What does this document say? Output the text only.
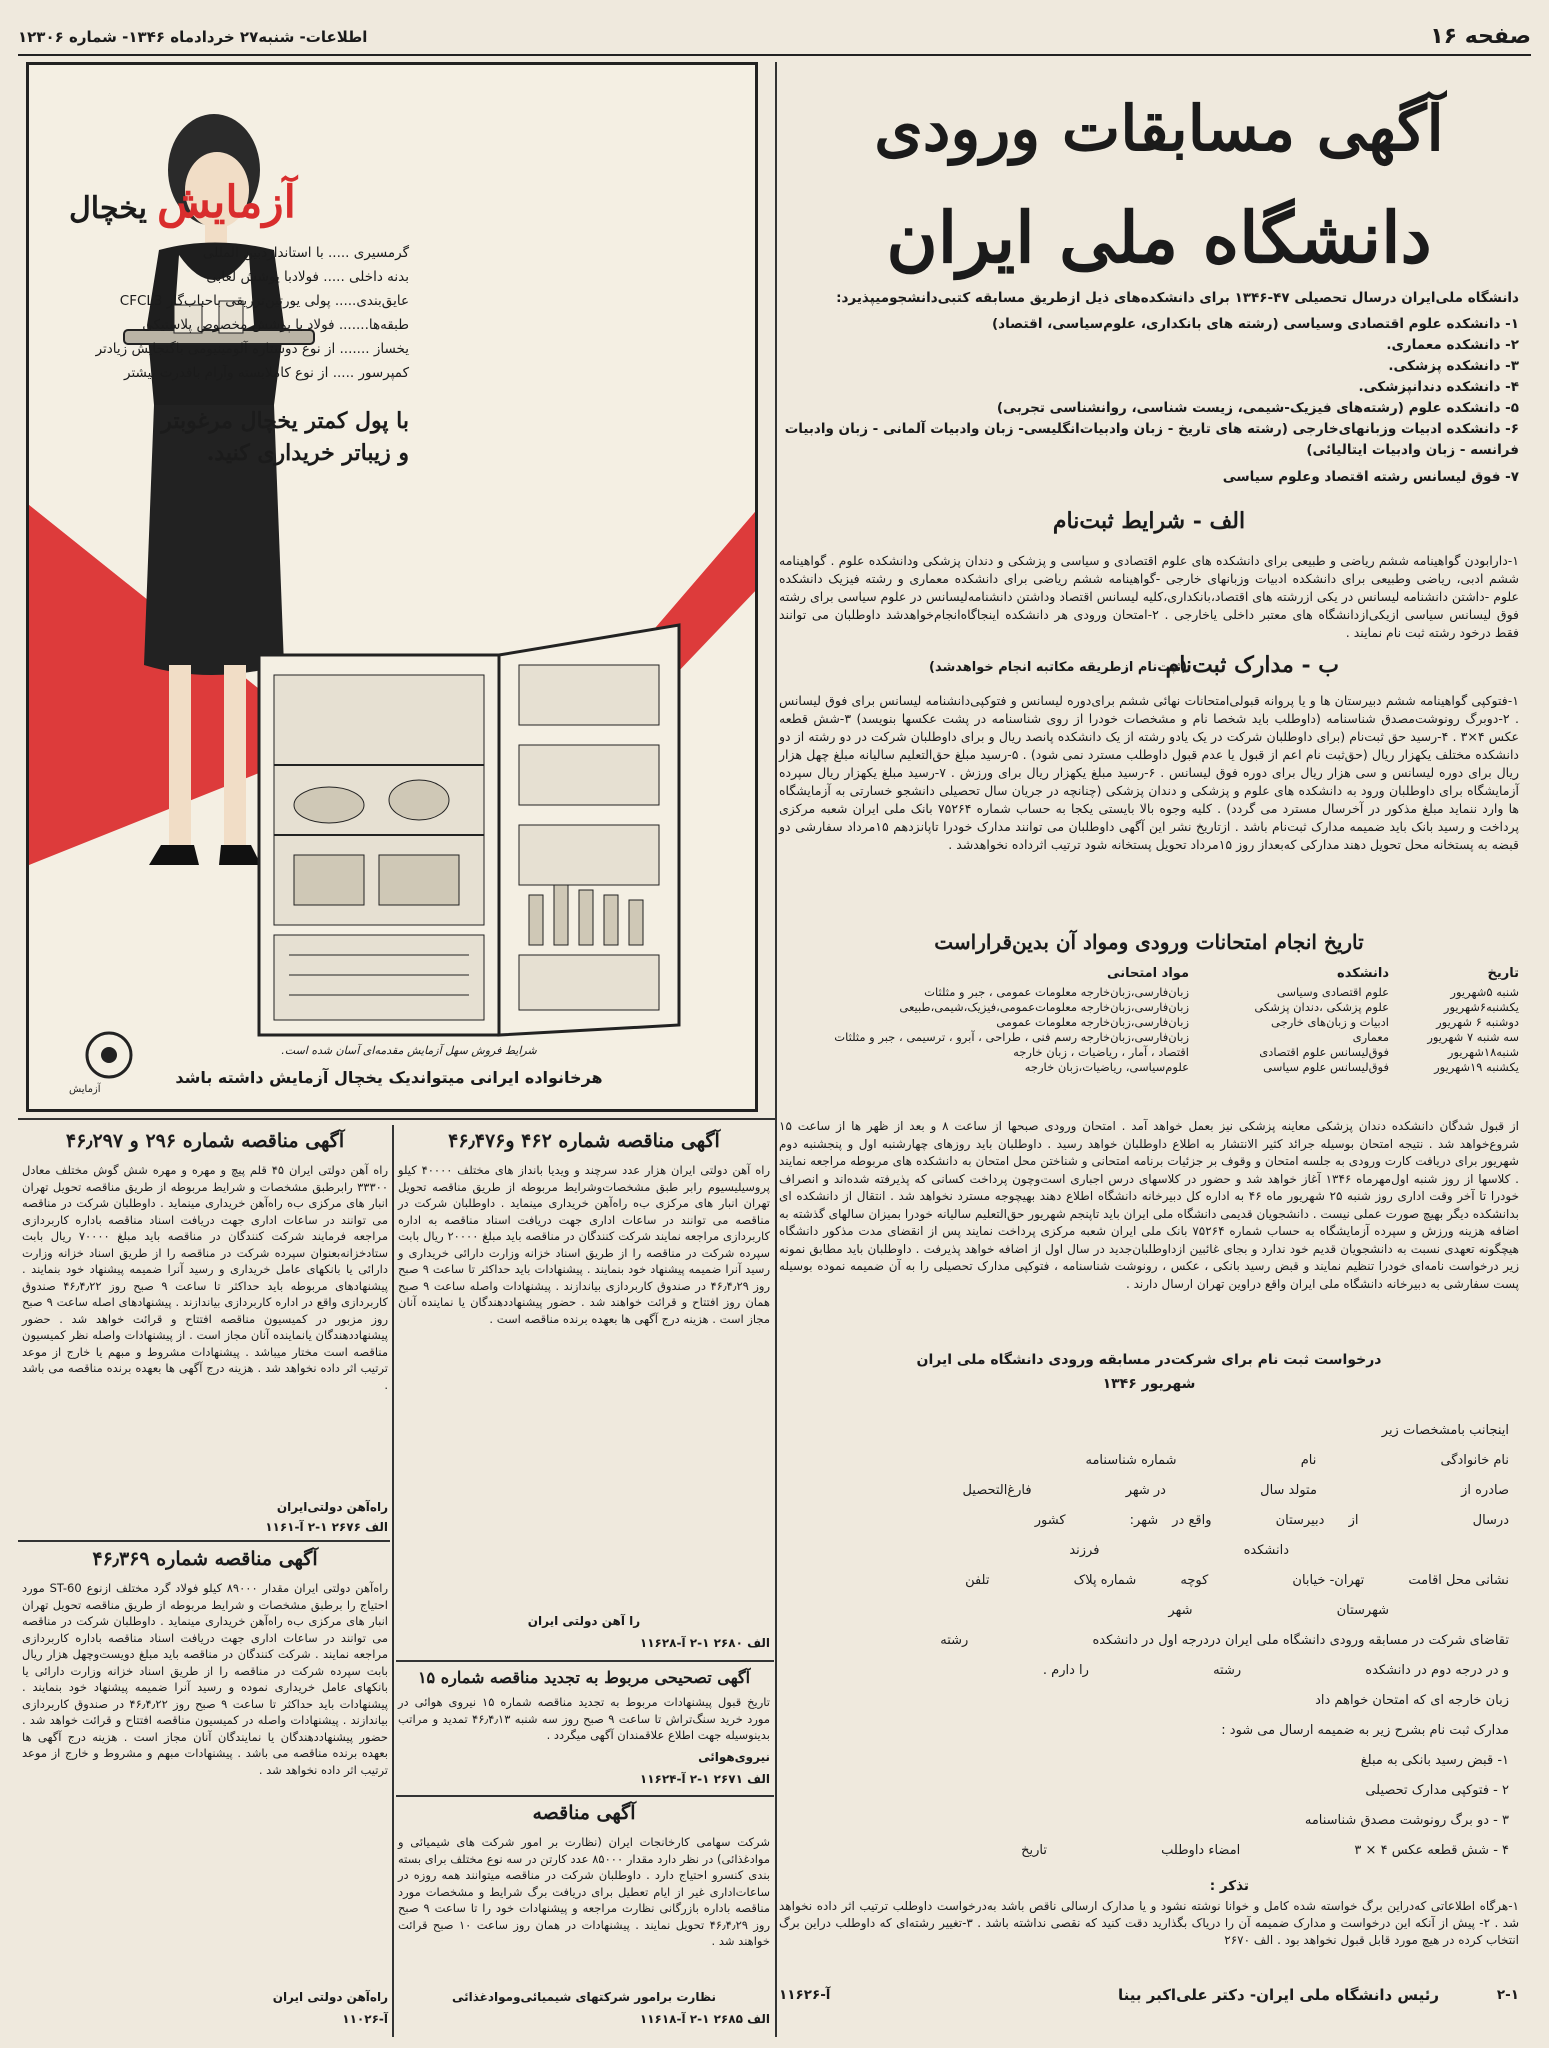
صفحه ۱۶
اطلاعات- شنبه۲۷ خردادماه ۱۳۴۶- شماره ۱۲۳۰۶
آگهی مسابقات ورودی
دانشگاه ملی ایران
دانشگاه ملی‌ایران درسال تحصیلی ۴۷-۱۳۴۶ برای دانشکده‌های ذیل ازطریق مسابقه کتبی‌دانشجومیپذیرد:
۱- دانشکده علوم اقتصادی وسیاسی (رشته های بانکداری، علوم‌سیاسی، اقتصاد)
۲- دانشکده معماری.
۳- دانشکده پزشکی.
۴- دانشکده دندانپزشکی.
۵- دانشکده علوم (رشته‌های فیزیک-شیمی، زیست شناسی، روانشناسی تجربی)
۶- دانشکده ادبیات وزبانهای‌خارجی (رشته های تاریخ - زبان وادبیات‌انگلیسی- زبان وادبیات آلمانی - زبان وادبیات فرانسه - زبان وادبیات ایتالیائی)
۷- فوق لیسانس رشته اقتصاد وعلوم سیاسی
الف - شرایط ثبت‌نام
۱-دارابودن گواهینامه ششم ریاضی و طبیعی برای دانشکده های علوم اقتصادی و سیاسی و پزشکی و دندان پزشکی ودانشکده علوم . گواهینامه ششم ادبی، ریاضی وطبیعی برای دانشکده ادبیات وزبانهای خارجی -گواهینامه ششم ریاضی برای دانشکده معماری و رشته فیزیک دانشکده علوم -داشتن دانشنامه لیسانس در یکی ازرشته های اقتصاد،بانکداری،کلیه لیسانس اقتصاد وداشتن دانشنامه‌لیسانس در علوم سیاسی برای رشته فوق لیسانس سیاسی ازیکی‌ازدانشگاه های معتبر داخلی یاخارجی . ۲-امتحان ورودی هر دانشکده اینجا‌گاه‌انجام‌خواهدشد داوطلبان می توانند فقط درخود رشته ثبت نام نمایند .
ب - مدارک ثبت‌نام
(ثبت‌نام ازطریقه مکاتبه انجام خواهدشد)
۱-فتوکپی گواهینامه ششم دبیرستان ها و یا پروانه قبولی‌امتحانات نهائی ششم برای‌دوره لیسانس و فتوکپی‌دانشنامه لیسانس برای فوق لیسانس . ۲-دوبرگ رونوشت‌مصدق شناسنامه (داوطلب باید شخصا نام و مشخصات خودرا از روی شناسنامه در پشت عکسها بنویسد) ۳-شش قطعه عکس ۴×۳ . ۴-رسید حق ثبت‌نام (برای داوطلبان شرکت در یک یادو رشته از یک دانشکده پانصد ریال و برای داوطلبان شرکت در دو رشته از دو دانشکده مختلف یکهزار ریال (حق‌ثبت نام اعم از قبول یا عدم قبول داوطلب مسترد نمی شود) . ۵-رسید مبلغ حق‌التعلیم سالیانه مبلغ چهل هزار ریال برای دوره لیسانس و سی هزار ریال برای دوره فوق لیسانس . ۶-رسید مبلغ یکهزار ریال برای ورزش . ۷-رسید مبلغ یکهزار ریال سپرده آزمایشگاه برای داوطلبان ورود به دانشکده های علوم و پزشکی و دندان پزشکی (چنانچه در جریان سال تحصیلی دانشجو خسارتی به آزمایشگاه ها وارد ننماید مبلغ مذکور در آخرسال مسترد می گردد) . کلیه وجوه بالا بایستی یکجا به حساب شماره ۷۵۲۶۴ بانک ملی ایران شعبه مرکزی پرداخت و رسید بانک باید ضمیمه مدارک ثبت‌نام باشد . ازتاریخ نشر این آگهی داوطلبان می توانند مدارک خودرا تاپانزدهم ۱۵مرداد سفارشی دو قبضه به پستخانه محل تحویل دهند مدارکی که‌بعداز روز ۱۵مرداد تحویل پستخانه شود ترتیب اثرداده نخواهدشد .
تاریخ انجام امتحانات ورودی ومواد آن بدین‌قراراست
تاریخ	دانشکده	مواد امتحانی
شنبه ۵شهریور	علوم اقتصادی وسیاسی	زبان‌فارسی،زبان‌خارجه معلومات عمومی ، جبر و مثلثات
یکشنبه۶شهریور	علوم پزشکی ،دندان پزشکی	زبان‌فارسی،زبان‌خارجه معلومات‌عمومی،فیزیک،شیمی،طبیعی
دوشنبه ۶ شهریور	ادبیات و زبان‌های خارجی	زبان‌فارسی،زبان‌خارجه معلومات عمومی
سه شنبه ۷ شهریور	معماری	زبان‌فارسی،زبان‌خارجه رسم فنی ، طراحی ، آبرو ، ترسیمی ، جبر و مثلثات
شنبه۱۸شهریور	فوق‌لیسانس علوم اقتصادی	اقتصاد ، آمار ، ریاضیات ، زبان خارجه
یکشنبه ۱۹شهریور	فوق‌لیسانس علوم سیاسی	علوم‌سیاسی، ریاضیات،زبان خارجه
از قبول شدگان دانشکده دندان پزشکی معاینه پزشکی نیز بعمل خواهد آمد . امتحان ورودی صبحها از ساعت ۸ و بعد از ظهر ها از ساعت ۱۵ شروع‌خواهد شد . نتیجه امتحان بوسیله جرائد کثیر الانتشار به اطلاع داوطلبان خواهد رسید . داوطلبان باید روزهای چهارشنبه اول و پنجشنبه دوم شهریور برای دریافت کارت ورودی به جلسه امتحان و وقوف بر جزئیات برنامه امتحانی و شناختن محل امتحان به دانشکده های مربوطه مراجعه نمایند . کلاسها از روز شنبه اول‌مهرماه ۱۳۴۶ آغاز خواهد شد و حضور در کلاسهای درس اجباری است‌وچون پرداخت کسانی که پذیرفته شده‌اند و انصراف خودرا تا آخر وقت اداری روز شنبه ۲۵ شهریور ماه ۴۶ به اداره کل دبیرخانه دانشگاه اطلاع دهند بهیچوجه مسترد نخواهد شد . انتقال از دانشکده ای بدانشکده دیگر بهیچ صورت عملی نیست . دانشجویان قدیمی دانشگاه ملی ایران باید تاپنجم شهریور حق‌التعلیم سالیانه خودرا بمیزان سالهای گذشته به اضافه هزینه ورزش و سپرده آزمایشگاه به حساب شماره ۷۵۲۶۴ بانک ملی ایران شعبه مرکزی پرداخت نمایند پس از انقضای مدت مذکور دانشگاه هیچگونه تعهدی نسبت به دانشجویان قدیم خود ندارد و بجای غائبین ازداوطلبان‌جدید در سال اول از اضافه خواهد پذیرفت . داوطلبان باید مطابق نمونه زیر درخواست نامه‌ای خودرا تنظیم نمایند و قبض رسید بانکی ، عکس ، رونوشت شناسنامه ، فتوکپی مدارک تحصیلی را به آن ضمیمه نموده بوسیله پست سفارشی به دبیرخانه دانشگاه ملی ایران واقع دراوین تهران ارسال دارند .
درخواست ثبت نام برای شرکت‌در مسابقه ورودی دانشگاه ملی ایران
شهریور ۱۳۴۶
اینجانب بامشخصات زیر
نام خانوادگی نام شماره شناسنامه
صادره از متولد سال در شهر فارغ‌التحصیل
درسال از دبیرستان واقع در شهر: کشور
دانشکده فرزند
نشانی محل اقامت تهران- خیابان کوچه شماره پلاک تلفن
شهرستان شهر
تقاضای شرکت در مسابقه ورودی دانشگاه ملی ایران دردرجه اول در دانشکده رشته
و در درجه دوم در دانشکده رشته را دارم .
زبان خارجه ای که امتحان خواهم داد
مدارک ثبت نام بشرح زیر به ضمیمه ارسال می شود :
۱- قبض رسید بانکی به مبلغ
۲ - فتوکپی مدارک تحصیلی
۳ - دو برگ رونوشت مصدق شناسنامه
۴ - شش قطعه عکس ۴ × ۳ امضاء داوطلب تاریخ
تذکر :
۱-هرگاه اطلاعاتی که‌دراین برگ خواسته شده کامل و خوانا نوشته نشود و یا مدارک ارسالی ناقص باشد به‌درخواست داوطلب ترتیب اثر داده نخواهد شد . ۲- پیش از آنکه این درخواست و مدارک ضمیمه آن را دریاک بگذارید دقت کنید که نقصی نداشته باشد . ۳-تغییر رشته‌ای که داوطلب دراین برگ انتخاب کرده در هیچ مورد قابل قبول نخواهد بود . الف ۲۶۷۰
۲-۱
رئیس دانشگاه ملی ایران- دکتر علی‌اکبر بینا
آ-۱۱۶۲۶
یخچال آزمایش
گرمسیری ..... با استانداردبین المللی
بدنه داخلی ..... فولادبا پوشش لعابی
عایق‌بندی..... پولی یورتین‌تزریقی باحباب‌گاز CFCL3
طبقه‌ها....... فولاد با پوشش مخصوص پلاستیکی
یخساز ....... از نوع دوستاره آلومینیومی باگنجایش زیادتر
کمپرسور ..... از نوع کاملابسته وآرام باقدرت بیشتر
با پول کمتر یخچال مرغوبتر
و زیباتر خریداری کنید.
شرایط فروش سهل آزمایش مقدمه‌ای آسان شده است.
هرخانواده ایرانی میتواندیک یخچال آزمایش داشته باشد
آزمایش
آگهی مناقصه شماره ۲۹۶ و ۴۶٫۲۹۷
راه آهن دولتی ایران ۴۵ قلم پیچ و مهره و مهره شش گوش مختلف معادل ۳۳۳۰۰ رابرطبق مشخصات و شرایط مربوطه از طریق مناقصه تحویل تهران انبار های مرکزی ب‌ه راه‌آهن خریداری مینماید . داوطلبان شرکت در مناقصه می توانند در ساعات اداری جهت دریافت اسناد مناقصه باداره کاربردازی مراجعه فرمایند شرکت کنندگان در مناقصه باید مبلغ ۷۰۰۰۰ ریال بابت ستادخزانه‌بعنوان سپرده شرکت در مناقصه را از طریق اسناد خزانه وزارت دارائی یا بانکهای عامل خریداری و رسید آنرا ضمیمه پیشنهاد خود بنمایند . پیشنهادهای مربوطه باید حداکثر تا ساعت ۹ صبح روز ۴۶٫۴٫۲۲ صندوق کاربردازی واقع در اداره کاربردازی بیاندازند . پیشنهادهای اصله ساعت ۹ صبح روز مزبور در کمیسیون مناقصه افتتاح و قرائت خواهد شد . حضور پیشنهاددهندگان یانماینده آنان مجاز است . از پیشنهادات واصله نظر کمیسیون مناقصه است مختار میباشد . پیشنهادات مشروط و مبهم یا خارج از موعد ترتیب اثر داده نخواهد شد . هزینه درج آگهی ها بعهده برنده مناقصه می باشد .
راه‌آهن دولتی‌ایران
الف ۲۶۷۶ ۱-۲ آ-۱۱۶۱
آگهی مناقصه شماره ۴۶٫۳۶۹
راه‌آهن دولتی ایران مقدار ۸۹۰۰۰ کیلو فولاد گرد مختلف ازنوع ST-60 مورد احتیاج را برطبق مشخصات و شرایط مربوطه از طریق مناقصه تحویل تهران انبار های مرکزی ب‌ه راه‌آهن خریداری مینماید . داوطلبان شرکت در مناقصه می توانند در ساعات اداری جهت دریافت اسناد مناقصه باداره کاربردازی مراجعه نمایند . شرکت کنندگان در مناقصه باید مبلغ دویست‌وچهل هزار ریال بابت سپرده شرکت در مناقصه را از طریق اسناد خزانه وزارت دارائی یا بانکهای عامل خریداری نموده و رسید آنرا ضمیمه پیشنهاد خود بنمایند . پیشنهادات باید حداکثر تا ساعت ۹ صبح روز ۴۶٫۴٫۲۲ در صندوق کاربردازی بیاندازند . پیشنهادات واصله در کمیسیون مناقصه افتتاح و قرائت خواهد شد . حضور پیشنهاددهندگان یا نمایندگان آنان مجاز است . هزینه درج آگهی ها بعهده برنده مناقصه می باشد . پیشنهادات مبهم و مشروط و خارج از موعد ترتیب اثر داده نخواهد شد .
راه‌آهن دولتی ایران
آ-۱۱۰۲۶
آگهی مناقصه شماره ۴۶۲ و۴۶٫۴۷۶
راه آهن دولتی ایران هزار عدد سرچند و ویدیا بانداز های مختلف ۴۰۰۰۰ کیلو پروسیلیسیوم رابر طبق مشخصات‌وشرایط مربوطه از طریق مناقصه تحویل تهران انبار های مرکزی ب‌ه راه‌آهن خریداری مینماید . داوطلبان شرکت در مناقصه می توانند در ساعات اداری جهت دریافت اسناد مناقصه به اداره کاربردازی مراجعه نمایند شرکت کنندگان در مناقصه باید مبلغ ۲۰۰۰۰ ریال بابت سپرده شرکت در مناقصه را از طریق اسناد خزانه وزارت دارائی خریداری و رسید آنرا ضمیمه پیشنهاد خود بنمایند . پیشنهادات باید حداکثر تا ساعت ۹ صبح روز ۴۶٫۴٫۲۹ در صندوق کاربردازی بیاندازند . پیشنهادات واصله ساعت ۹ صبح همان روز افتتاح و قرائت خواهند شد . حضور پیشنهاددهندگان یا نماینده آنان مجاز است . هزینه درج آگهی ها بعهده برنده مناقصه است .
را آهن دولتی ایران
الف ۲۶۸۰ ۱-۲ آ-۱۱۶۲۸
آگهی تصحیحی مربوط به تجدید مناقصه شماره ۱۵
تاریخ قبول پیشنهادات مربوط به تجدید مناقصه شماره ۱۵ نیروی هوائی در مورد خرید سنگ‌تراش تا ساعت ۹ صبح روز سه شنبه ۴۶٫۴٫۱۳ تمدید و مراتب بدینوسیله جهت اطلاع علاقمندان آگهی میگردد .
نیروی‌هوائی
الف ۲۶۷۱ ۱-۲ آ-۱۱۶۲۴
آگهی مناقصه
شرکت سهامی کارخانجات ایران (نظارت بر امور شرکت های شیمیائی و موادغذائی) در نظر دارد مقدار ۸۵۰۰۰ عدد کارتن در سه نوع مختلف برای بسته بندی کنسرو احتیاج دارد . داوطلبان شرکت در مناقصه میتوانند همه روزه در ساعات‌اداری غیر از ایام تعطیل برای دریافت برگ شرایط و مشخصات مورد مناقصه باداره بازرگانی نظارت مراجعه و پیشنهادات خود را تا ساعت ۹ صبح روز ۴۶٫۴٫۲۹ تحویل نمایند . پیشنهادات در همان روز ساعت ۱۰ صبح قرائت خواهند شد .
نظارت برامور شرکتهای شیمیائی‌وموادغذائی
الف ۲۶۸۵ ۱-۲ آ-۱۱۶۱۸
